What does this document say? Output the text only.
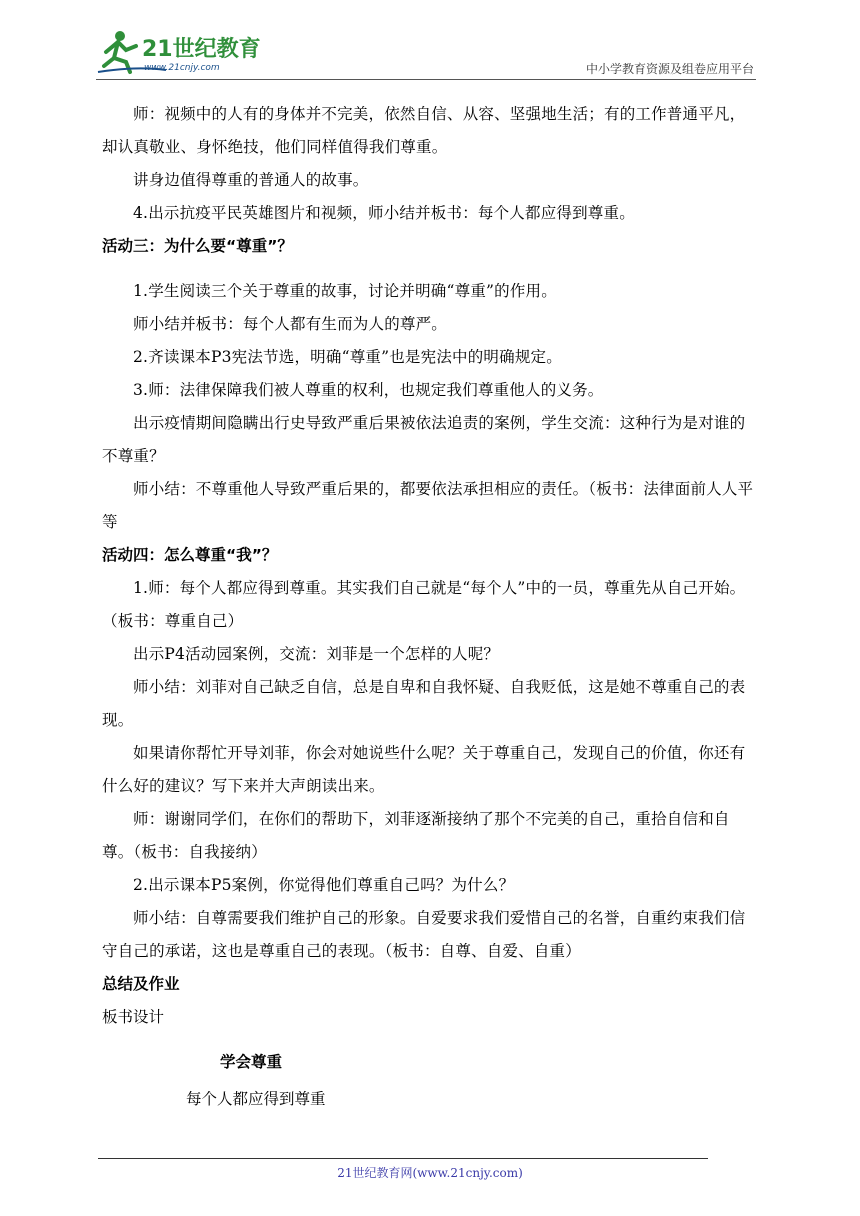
21世纪教育
www.21cnjy.com	中小学教育资源及组卷应用平台

师：视频中的人有的身体并不完美，依然自信、从容、坚强地生活；有的工作普通平凡，却认真敬业、身怀绝技，他们同样值得我们尊重。

讲身边值得尊重的普通人的故事。

4.出示抗疫平民英雄图片和视频，师小结并板书：每个人都应得到尊重。

活动三：为什么要“尊重”？

1.学生阅读三个关于尊重的故事，讨论并明确“尊重”的作用。

师小结并板书：每个人都有生而为人的尊严。

2.齐读课本P3宪法节选，明确“尊重”也是宪法中的明确规定。

3.师：法律保障我们被人尊重的权利，也规定我们尊重他人的义务。

出示疫情期间隐瞒出行史导致严重后果被依法追责的案例，学生交流：这种行为是对谁的不尊重？

师小结：不尊重他人导致严重后果的，都要依法承担相应的责任。（板书：法律面前人人平等

活动四：怎么尊重“我”？

1.师：每个人都应得到尊重。其实我们自己就是“每个人”中的一员，尊重先从自己开始。（板书：尊重自己）

出示P4活动园案例，交流：刘菲是一个怎样的人呢？

师小结：刘菲对自己缺乏自信，总是自卑和自我怀疑、自我贬低，这是她不尊重自己的表现。

如果请你帮忙开导刘菲，你会对她说些什么呢？关于尊重自己，发现自己的价值，你还有什么好的建议？写下来并大声朗读出来。

师：谢谢同学们，在你们的帮助下，刘菲逐渐接纳了那个不完美的自己，重拾自信和自尊。（板书：自我接纳）

2.出示课本P5案例，你觉得他们尊重自己吗？为什么？

师小结：自尊需要我们维护自己的形象。自爱要求我们爱惜自己的名誉，自重约束我们信守自己的承诺，这也是尊重自己的表现。（板书：自尊、自爱、自重）

总结及作业

板书设计

学会尊重

每个人都应得到尊重

21世纪教育网(www.21cnjy.com)
